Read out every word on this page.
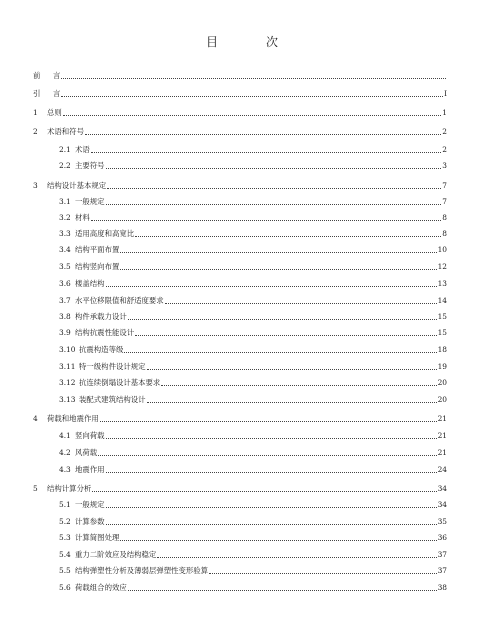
目　次
前	言
引	言	I
1	总则	1
2	术语和符号	2
2.1 术语	2
2.2 主要符号	3
3	结构设计基本规定	7
3.1 一般规定	7
3.2 材料	8
3.3 适用高度和高宽比	8
3.4 结构平面布置	10
3.5 结构竖向布置	12
3.6 楼盖结构	13
3.7 水平位移限值和舒适度要求	14
3.8 构件承载力设计	15
3.9 结构抗震性能设计	15
3.10 抗震构造等级	18
3.11 特一级构件设计规定	19
3.12 抗连续倒塌设计基本要求	20
3.13 装配式建筑结构设计	20
4	荷载和地震作用	21
4.1 竖向荷载	21
4.2 风荷载	21
4.3 地震作用	24
5	结构计算分析	34
5.1 一般规定	34
5.2 计算参数	35
5.3 计算简图处理	36
5.4 重力二阶效应及结构稳定	37
5.5 结构弹塑性分析及薄弱层弹塑性变形验算	37
5.6 荷载组合的效应	38
